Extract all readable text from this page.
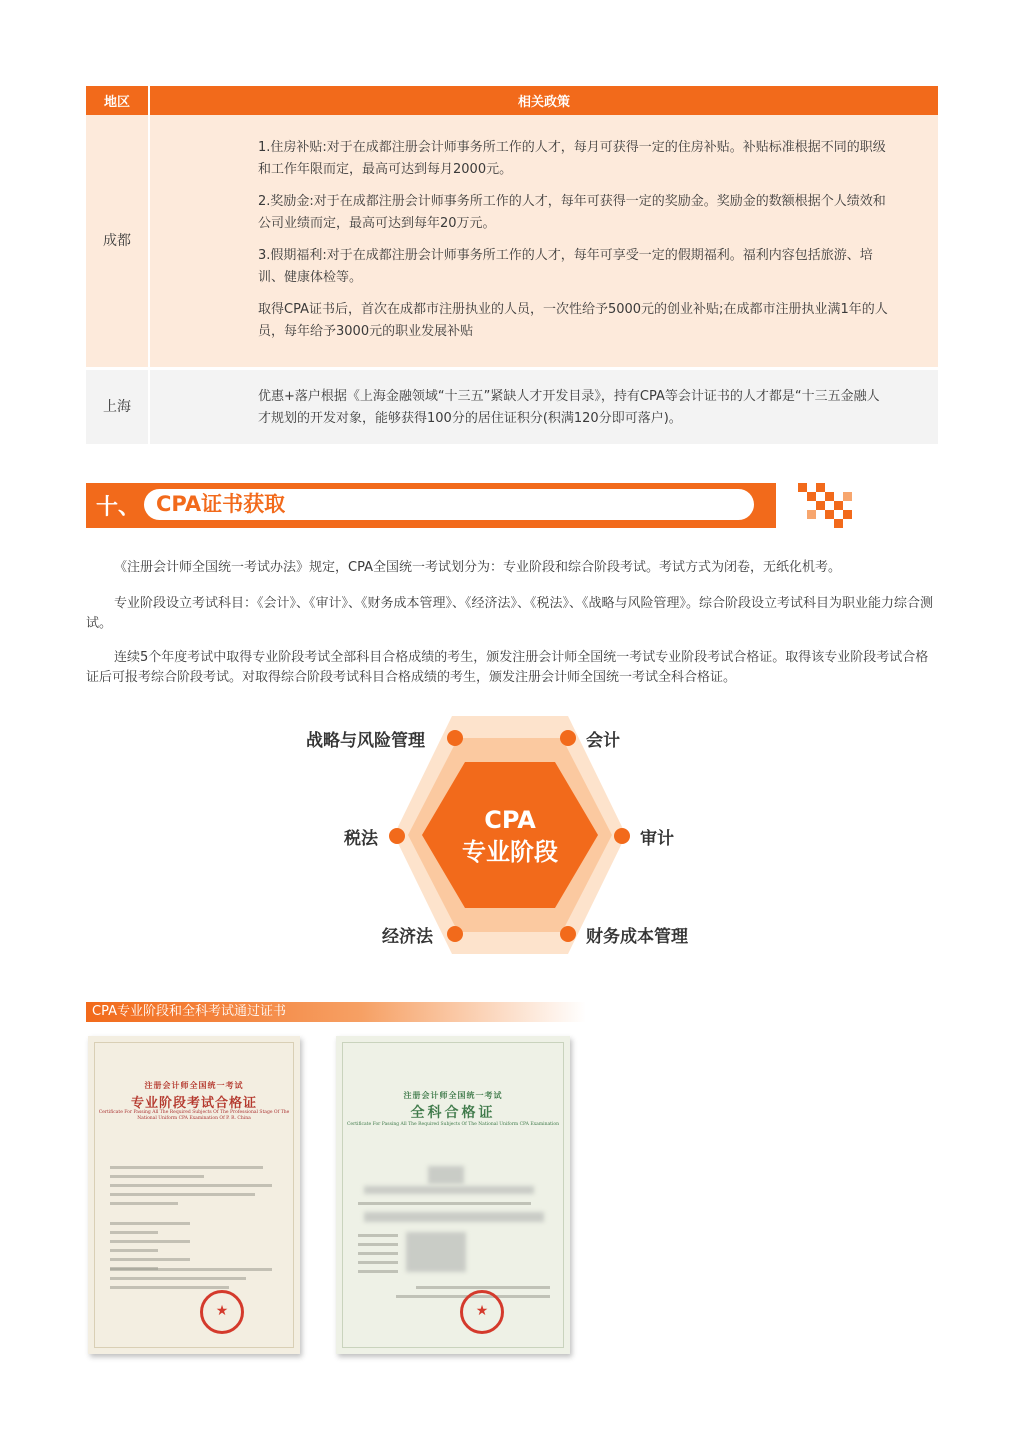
地区	相关政策
成都	1.住房补贴:对于在成都注册会计师事务所工作的人才，每月可获得一定的住房补贴。补贴标准根据不同的职级和工作年限而定，最高可达到每月2000元。

2.奖励金:对于在成都注册会计师事务所工作的人才，每年可获得一定的奖励金。奖励金的数额根据个人绩效和公司业绩而定，最高可达到每年20万元。

3.假期福利:对于在成都注册会计师事务所工作的人才，每年可享受一定的假期福利。福利内容包括旅游、培训、健康体检等。

取得CPA证书后，首次在成都市注册执业的人员，一次性给予5000元的创业补贴;在成都市注册执业满1年的人员，每年给予3000元的职业发展补贴

上海	优惠+落户根据《上海金融领域“十三五”紧缺人才开发目录》，持有CPA等会计证书的人才都是“十三五金融人才规划的开发对象，能够获得100分的居住证积分(积满120分即可落户)。

十、 CPA证书获取

《注册会计师全国统一考试办法》规定，CPA全国统一考试划分为：专业阶段和综合阶段考试。考试方式为闭卷，无纸化机考。

专业阶段设立考试科目：《会计》、《审计》、《财务成本管理》、《经济法》、《税法》、《战略与风险管理》。综合阶段设立考试科目为职业能力综合测试。

连续5个年度考试中取得专业阶段考试全部科目合格成绩的考生，颁发注册会计师全国统一考试专业阶段考试合格证。取得该专业阶段考试合格证后可报考综合阶段考试。对取得综合阶段考试科目合格成绩的考生，颁发注册会计师全国统一考试全科合格证。

CPA
专业阶段
战略与风险管理	会计
税法	审计
经济法	财务成本管理
CPA专业阶段和全科考试通过证书
注册会计师全国统一考试
专业阶段考试合格证
Certificate For Passing All The Required Subjects Of The Professional Stage Of The National Uniform CPA Examination Of P. R. China
★
注册会计师全国统一考试
全科合格证
Certificate For Passing All The Required Subjects Of The National Uniform CPA Examination
★
